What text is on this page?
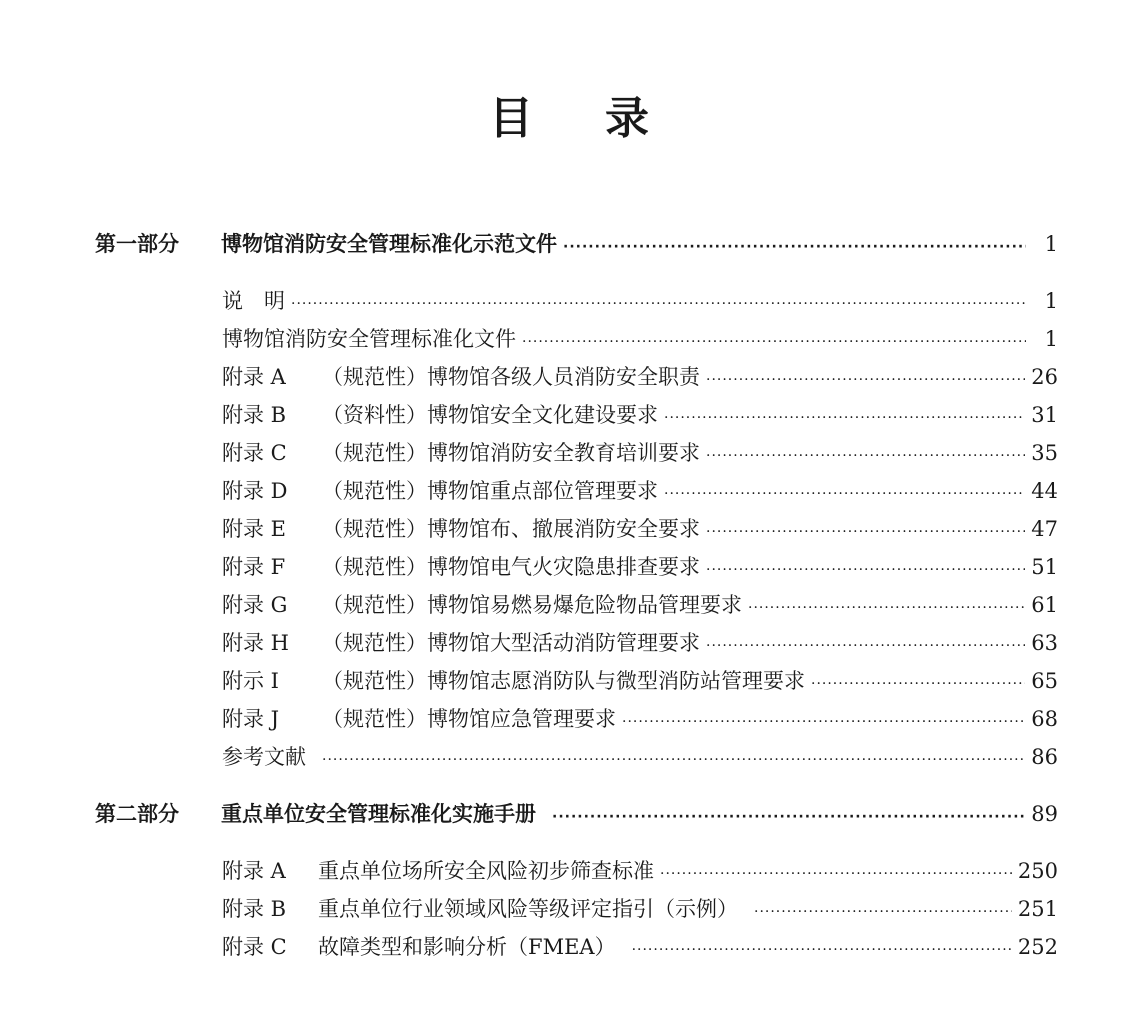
目 录
第一部分 博物馆消防安全管理标准化示范文件 ·····	1
说　明 ·····	1
博物馆消防安全管理标准化文件 ·····	1
附录 A （规范性）博物馆各级人员消防安全职责 ·····	26
附录 B （资料性）博物馆安全文化建设要求 ·····	31
附录 C （规范性）博物馆消防安全教育培训要求 ·····	35
附录 D （规范性）博物馆重点部位管理要求 ·····	44
附录 E （规范性）博物馆布、撤展消防安全要求 ·····	47
附录 F （规范性）博物馆电气火灾隐患排查要求 ·····	51
附录 G （规范性）博物馆易燃易爆危险物品管理要求 ·····	61
附录 H （规范性）博物馆大型活动消防管理要求 ·····	63
附示 I （规范性）博物馆志愿消防队与微型消防站管理要求 ·····	65
附录 J （规范性）博物馆应急管理要求 ·····	68
参考文献 ·····	86
第二部分 重点单位安全管理标准化实施手册 ·····	89
附录 A 重点单位场所安全风险初步筛查标准 ·····	250
附录 B 重点单位行业领域风险等级评定指引（示例） ·····	251
附录 C 故障类型和影响分析（FMEA） ·····	252
